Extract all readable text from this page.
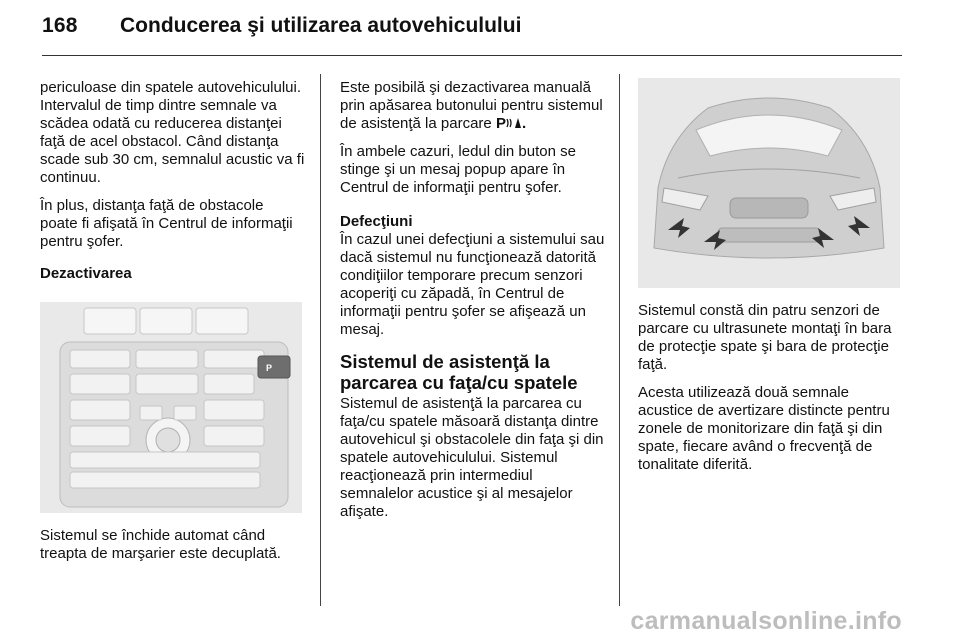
168 Conducerea şi utilizarea autovehiculului

periculoase din spatele autovehiculului. Intervalul de timp dintre semnale va scădea odată cu reducerea distanţei faţă de acel obstacol. Când distanţa scade sub 30 cm, semnalul acustic va fi continuu.

În plus, distanţa faţă de obstacole poate fi afişată în Centrul de informaţii pentru şofer.

Dezactivarea
P

Sistemul se închide automat când treapta de marşarier este decuplată.

Este posibilă şi dezactivarea manuală prin apăsarea butonului pentru sistemul de asistenţă la parcare P .

În ambele cazuri, ledul din buton se stinge şi un mesaj popup apare în Centrul de informaţii pentru şofer.

Defecţiuni

În cazul unei defecţiuni a sistemului sau dacă sistemul nu funcţionează datorită condiţiilor temporare precum senzori acoperiţi cu zăpadă, în Centrul de informaţii pentru şofer se afişează un mesaj.

Sistemul de asistenţă la parcarea cu faţa/cu spatele

Sistemul de asistenţă la parcarea cu faţa/cu spatele măsoară distanţa dintre autovehicul şi obstacolele din faţa şi din spatele autovehiculului. Sistemul reacţionează prin intermediul semnalelor acustice şi al mesajelor afişate.

Sistemul constă din patru senzori de parcare cu ultrasunete montaţi în bara de protecţie spate şi bara de protecţie faţă.

Acesta utilizează două semnale acustice de avertizare distincte pentru zonele de monitorizare din faţă şi din spate, fiecare având o frecvenţă de tonalitate diferită.

carmanualsonline.info
